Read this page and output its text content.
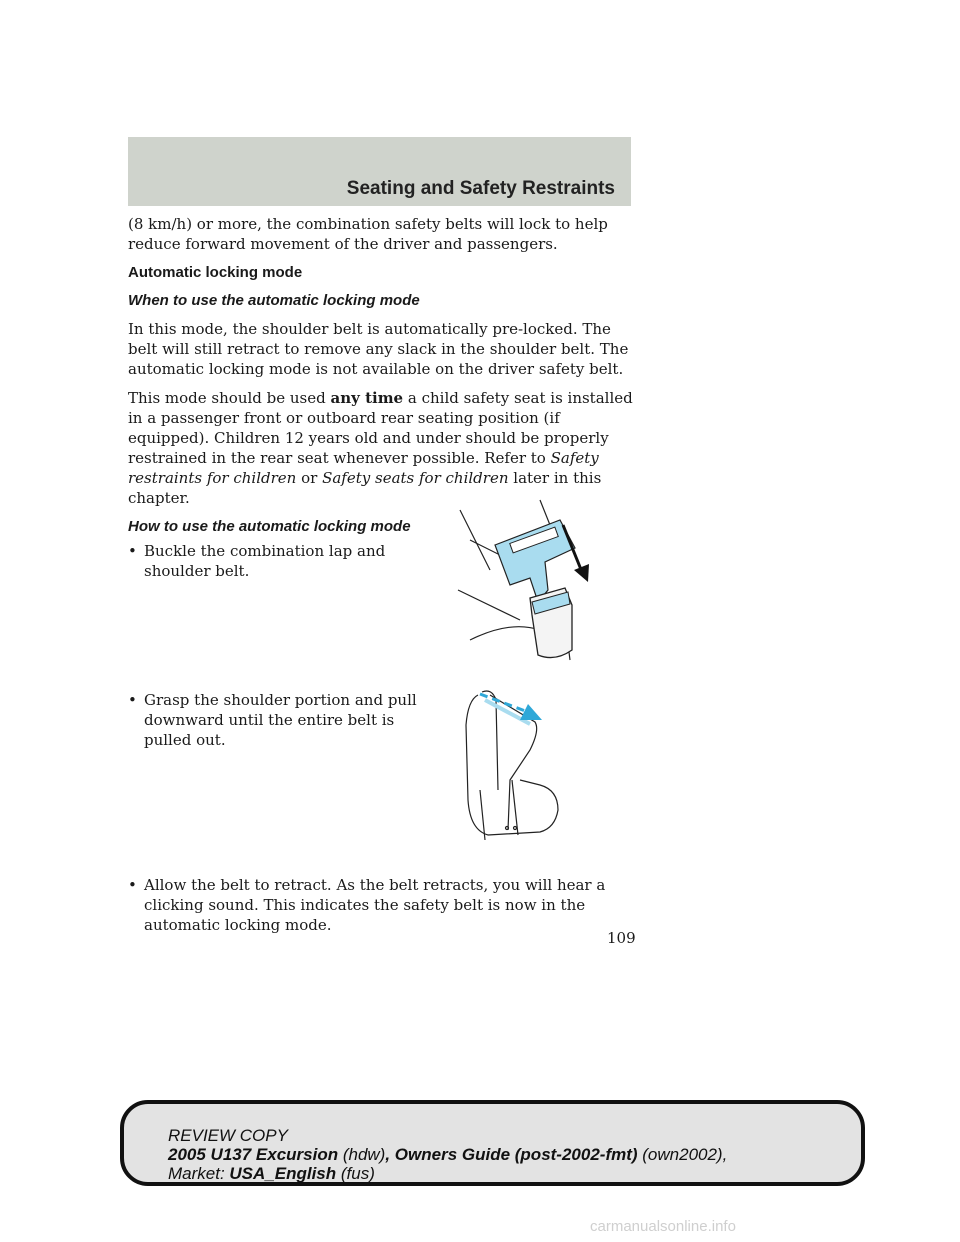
Seating and Safety Restraints

(8 km/h) or more, the combination safety belts will lock to help reduce forward movement of the driver and passengers.

Automatic locking mode
When to use the automatic locking mode

In this mode, the shoulder belt is automatically pre-locked. The belt will still retract to remove any slack in the shoulder belt. The automatic locking mode is not available on the driver safety belt.

This mode should be used any time a child safety seat is installed in a passenger front or outboard rear seating position (if equipped). Children 12 years old and under should be properly restrained in the rear seat whenever possible. Refer to Safety restraints for children or Safety seats for children later in this chapter.

How to use the automatic locking mode

• Buckle the combination lap and shoulder belt.

• Grasp the shoulder portion and pull downward until the entire belt is pulled out.

• Allow the belt to retract. As the belt retracts, you will hear a clicking sound. This indicates the safety belt is now in the automatic locking mode.

109
REVIEW COPY
2005 U137 Excursion (hdw), Owners Guide (post-2002-fmt) (own2002),
Market: USA_English (fus)
carmanualsonline.info
